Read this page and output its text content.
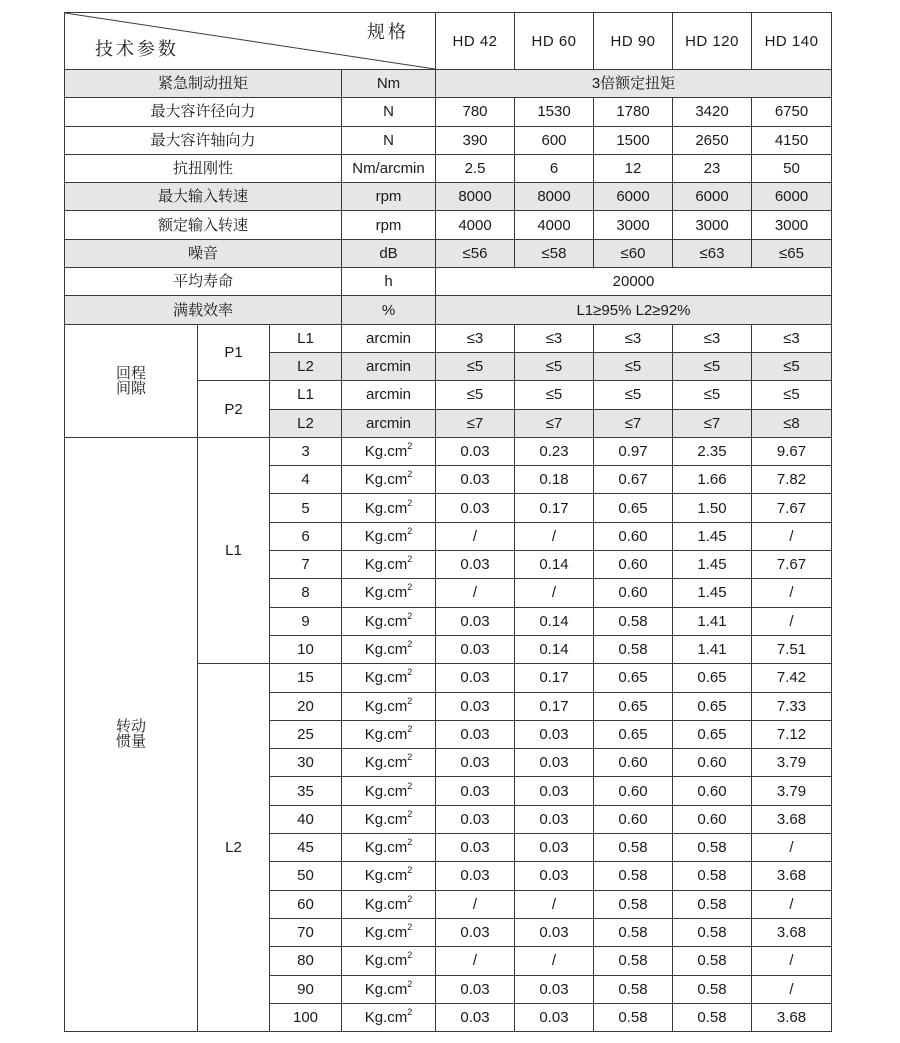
规格
技术参数				HD 42	HD 60	HD 90	HD 120	HD 140
紧急制动扭矩			Nm	3倍额定扭矩				
最大容许径向力			N	780	1530	1780	3420	6750
最大容许轴向力			N	390	600	1500	2650	4150
抗扭刚性			Nm/arcmin	2.5	6	12	23	50
最大输入转速			rpm	8000	8000	6000	6000	6000
额定输入转速			rpm	4000	4000	3000	3000	3000
噪音			dB	≤56	≤58	≤60	≤63	≤65
平均寿命			h	20000				
满载效率			%	L1≥95% L2≥92%				

回程
间隙	P1	L1	arcmin	≤3	≤3	≤3	≤3	≤3
		L2	arcmin	≤5	≤5	≤5	≤5	≤5
	P2	L1	arcmin	≤5	≤5	≤5	≤5	≤5
		L2	arcmin	≤7	≤7	≤7	≤7	≤8

转动
惯量	L1	3	$Kg.cm^2$	0.03	0.23	0.97	2.35	9.67
		4	$Kg.cm^2$	0.03	0.18	0.67	1.66	7.82
		5	$Kg.cm^2$	0.03	0.17	0.65	1.50	7.67
		6	$Kg.cm^2$	/	/	0.60	1.45	/
		7	$Kg.cm^2$	0.03	0.14	0.60	1.45	7.67
		8	$Kg.cm^2$	/	/	0.60	1.45	/
		9	$Kg.cm^2$	0.03	0.14	0.58	1.41	/
		10	$Kg.cm^2$	0.03	0.14	0.58	1.41	7.51
	L2	15	$Kg.cm^2$	0.03	0.17	0.65	0.65	7.42
		20	$Kg.cm^2$	0.03	0.17	0.65	0.65	7.33
		25	$Kg.cm^2$	0.03	0.03	0.65	0.65	7.12
		30	$Kg.cm^2$	0.03	0.03	0.60	0.60	3.79
		35	$Kg.cm^2$	0.03	0.03	0.60	0.60	3.79
		40	$Kg.cm^2$	0.03	0.03	0.60	0.60	3.68
		45	$Kg.cm^2$	0.03	0.03	0.58	0.58	/
		50	$Kg.cm^2$	0.03	0.03	0.58	0.58	3.68
		60	$Kg.cm^2$	/	/	0.58	0.58	/
		70	$Kg.cm^2$	0.03	0.03	0.58	0.58	3.68
		80	$Kg.cm^2$	/	/	0.58	0.58	/
		90	$Kg.cm^2$	0.03	0.03	0.58	0.58	/
		100	$Kg.cm^2$	0.03	0.03	0.58	0.58	3.68
